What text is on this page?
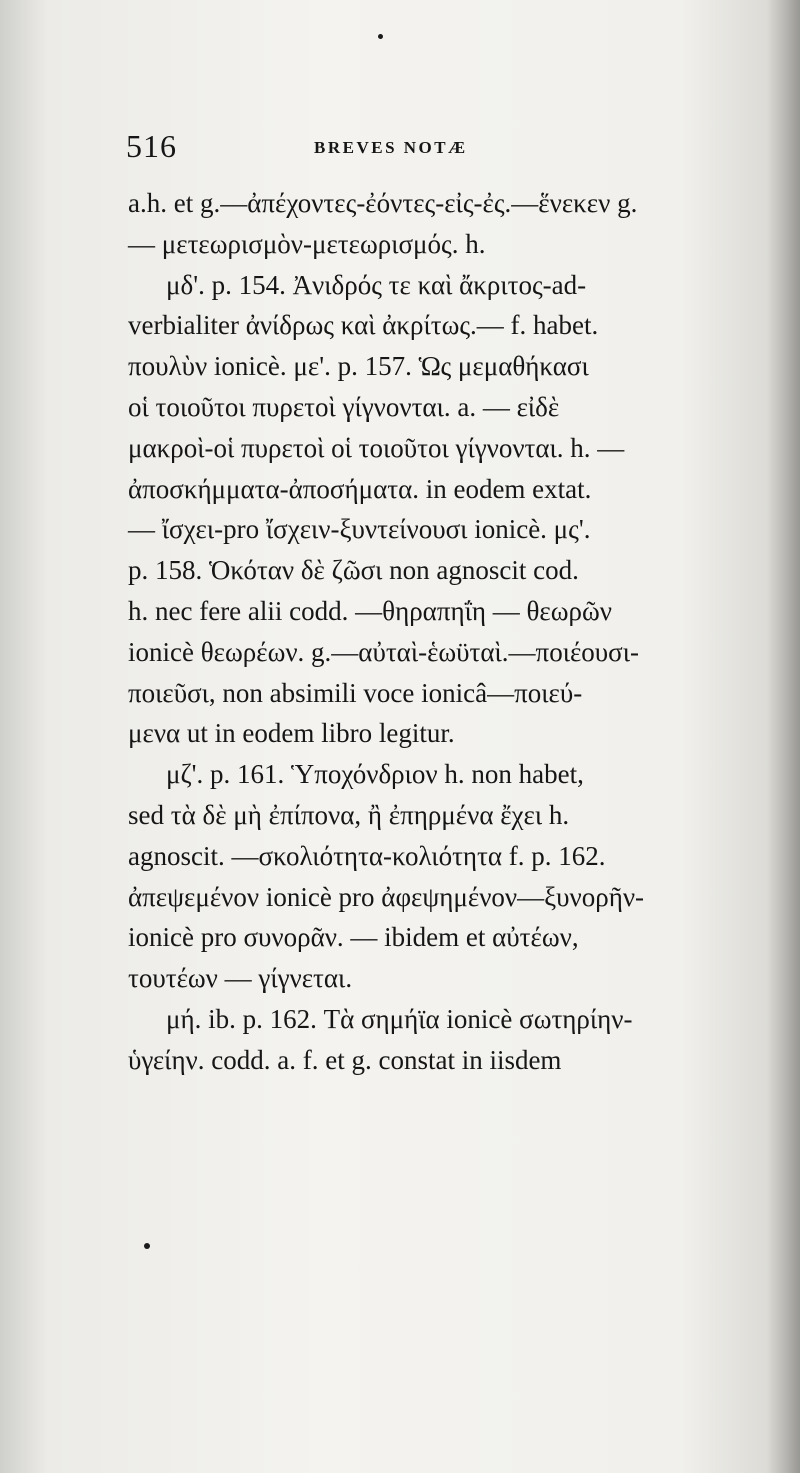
516	BREVES NOTÆ
a.h. et g.—ἀπέχοντες-ἐόντες-εἰς-ἐς.—ἕνεκεν g.
— μετεωρισμὸν-μετεωρισμός. h.
μδ'. p. 154. Ἀνιδρός τε καὶ ἄκριτος-ad-
verbialiter ἀνίδρως καὶ ἀκρίτως.— f. habet.
πουλὺν ionicè. με'. p. 157. Ὡς μεμαθήκασι
οἱ τοιοῦτοι πυρετοὶ γίγνονται. a. — εἰδὲ
μακροὶ-οἱ πυρετοὶ οἱ τοιοῦτοι γίγνονται. h. —
ἀποσκήμματα-ἀποσήματα. in eodem extat.
— ἴσχει-pro ἴσχειν-ξυντείνουσι ionicè. μς'.
p. 158. Ὁκόταν δὲ ζῶσι non agnoscit cod.
h. nec fere alii codd. —θηραπηΐη — θεωρῶν
ionicè θεωρέων. g.—αὐταὶ-ἑωϋταὶ.—ποιέουσι-
ποιεῦσι, non absimili voce ionicâ—ποιεύ-
μενα ut in eodem libro legitur.
μζ'. p. 161. Ὑποχόνδριον h. non habet,
sed τὰ δὲ μὴ ἐπίπονα, ἢ ἐπηρμένα ἔχει h.
agnoscit. —σκολιότητα-κολιότητα f. p. 162.
ἀπεψεμένον ionicè pro ἀφεψημένον—ξυνορῆν-
ionicè pro συνορᾶν. — ibidem et αὐτέων,
τουτέων — γίγνεται.
μή. ib. p. 162. Τὰ σημήϊα ionicè σωτηρίην-
ὑγείην. codd. a. f. et g. constat in iisdem
